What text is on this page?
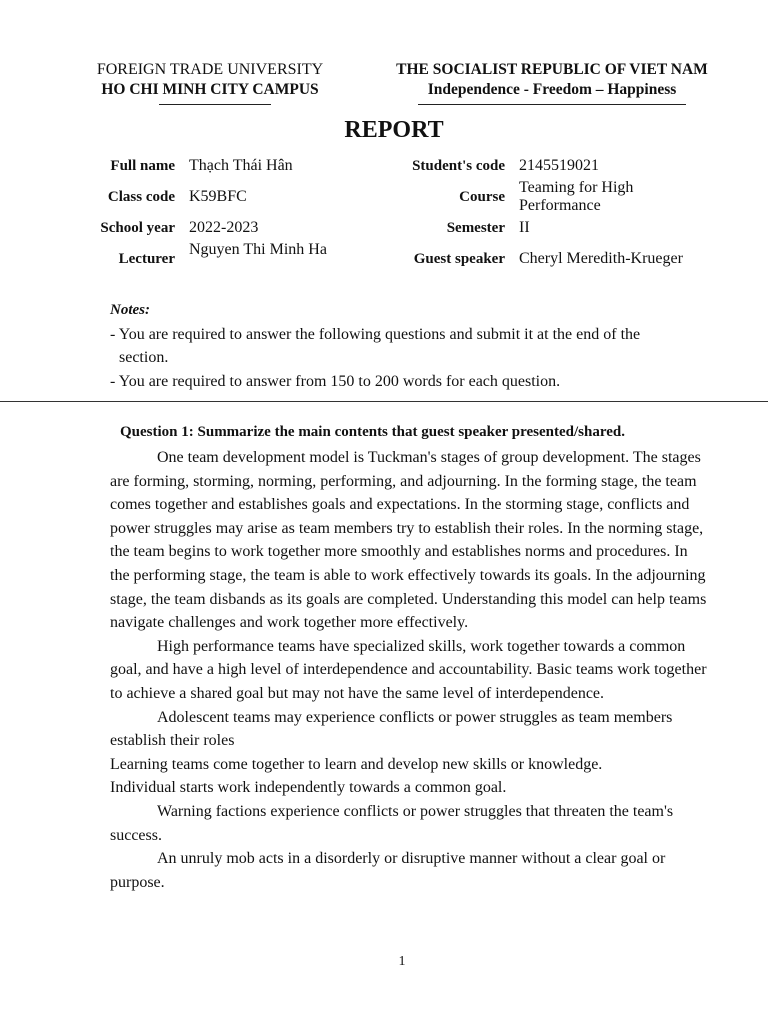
FOREIGN TRADE UNIVERSITY
HO CHI MINH CITY CAMPUS
THE SOCIALIST REPUBLIC OF VIET NAM
Independence - Freedom – Happiness
REPORT
Full name Thạch Thái Hân
Class code K59BFC
School year 2022-2023
Lecturer
Nguyen Thi Minh Ha
Student's code 2145519021
Course
Teaming for High Performance
Semester II
Guest speaker Cheryl Meredith-Krueger
Notes:
- You are required to answer the following questions and submit it at the end of the
section.
- You are required to answer from 150 to 200 words for each question.
Question 1: Summarize the main contents that guest speaker presented/shared.

One team development model is Tuckman's stages of group development. The stages are forming, storming, norming, performing, and adjourning. In the forming stage, the team comes together and establishes goals and expectations. In the storming stage, conflicts and power struggles may arise as team members try to establish their roles. In the norming stage, the team begins to work together more smoothly and establishes norms and procedures. In the performing stage, the team is able to work effectively towards its goals. In the adjourning stage, the team disbands as its goals are completed. Understanding this model can help teams navigate challenges and work together more effectively.

High performance teams have specialized skills, work together towards a common goal, and have a high level of interdependence and accountability. Basic teams work together to achieve a shared goal but may not have the same level of interdependence.

Adolescent teams may experience conflicts or power struggles as team members establish their roles

Learning teams come together to learn and develop new skills or knowledge.

Individual starts work independently towards a common goal.

Warning factions experience conflicts or power struggles that threaten the team's success.

An unruly mob acts in a disorderly or disruptive manner without a clear goal or purpose.

1
